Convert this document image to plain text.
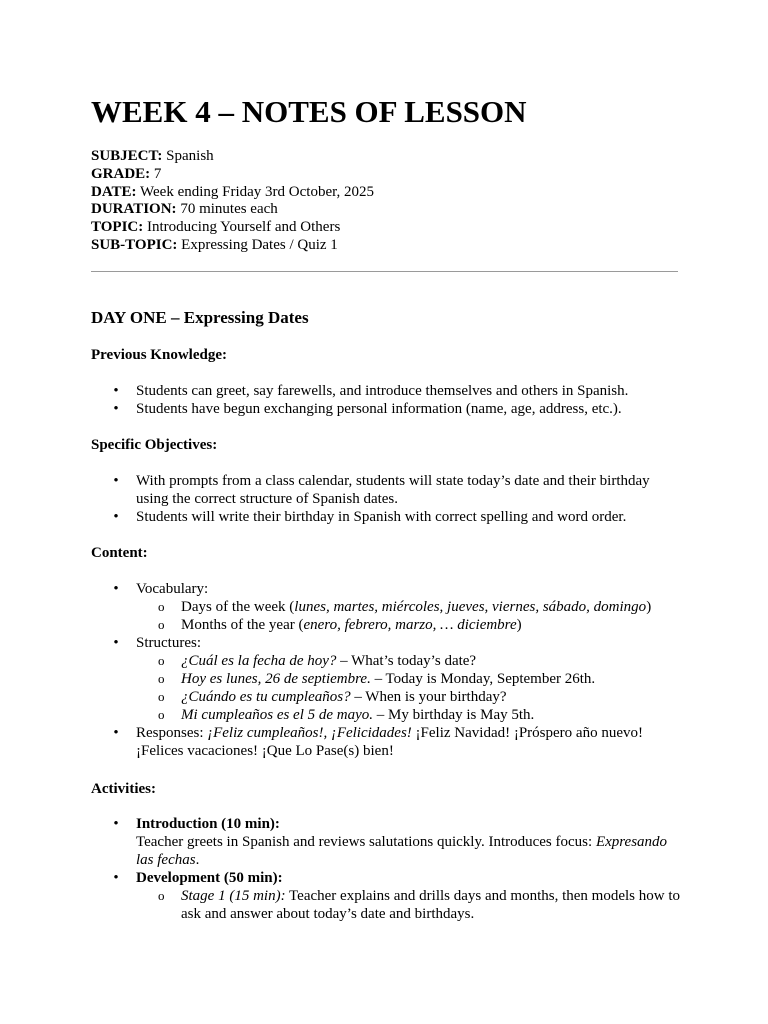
WEEK 4 – NOTES OF LESSON
SUBJECT: Spanish
GRADE: 7
DATE: Week ending Friday 3rd October, 2025
DURATION: 70 minutes each
TOPIC: Introducing Yourself and Others
SUB-TOPIC: Expressing Dates / Quiz 1
DAY ONE – Expressing Dates
Previous Knowledge:
• Students can greet, say farewells, and introduce themselves and others in Spanish.
• Students have begun exchanging personal information (name, age, address, etc.).
Specific Objectives:
• With prompts from a class calendar, students will state today’s date and their birthday using the correct structure of Spanish dates.
• Students will write their birthday in Spanish with correct spelling and word order.
Content:
• Vocabulary:
o Days of the week (lunes, martes, miércoles, jueves, viernes, sábado, domingo)
o Months of the year (enero, febrero, marzo, … diciembre)
• Structures:
o ¿Cuál es la fecha de hoy? – What’s today’s date?
o Hoy es lunes, 26 de septiembre. – Today is Monday, September 26th.
o ¿Cuándo es tu cumpleaños? – When is your birthday?
o Mi cumpleaños es el 5 de mayo. – My birthday is May 5th.
• Responses: ¡Feliz cumpleaños!, ¡Felicidades! ¡Feliz Navidad! ¡Próspero año nuevo! ¡Felices vacaciones! ¡Que Lo Pase(s) bien!
Activities:
• Introduction (10 min):
Teacher greets in Spanish and reviews salutations quickly. Introduces focus: Expresando las fechas.
• Development (50 min):
o Stage 1 (15 min): Teacher explains and drills days and months, then models how to ask and answer about today’s date and birthdays.
